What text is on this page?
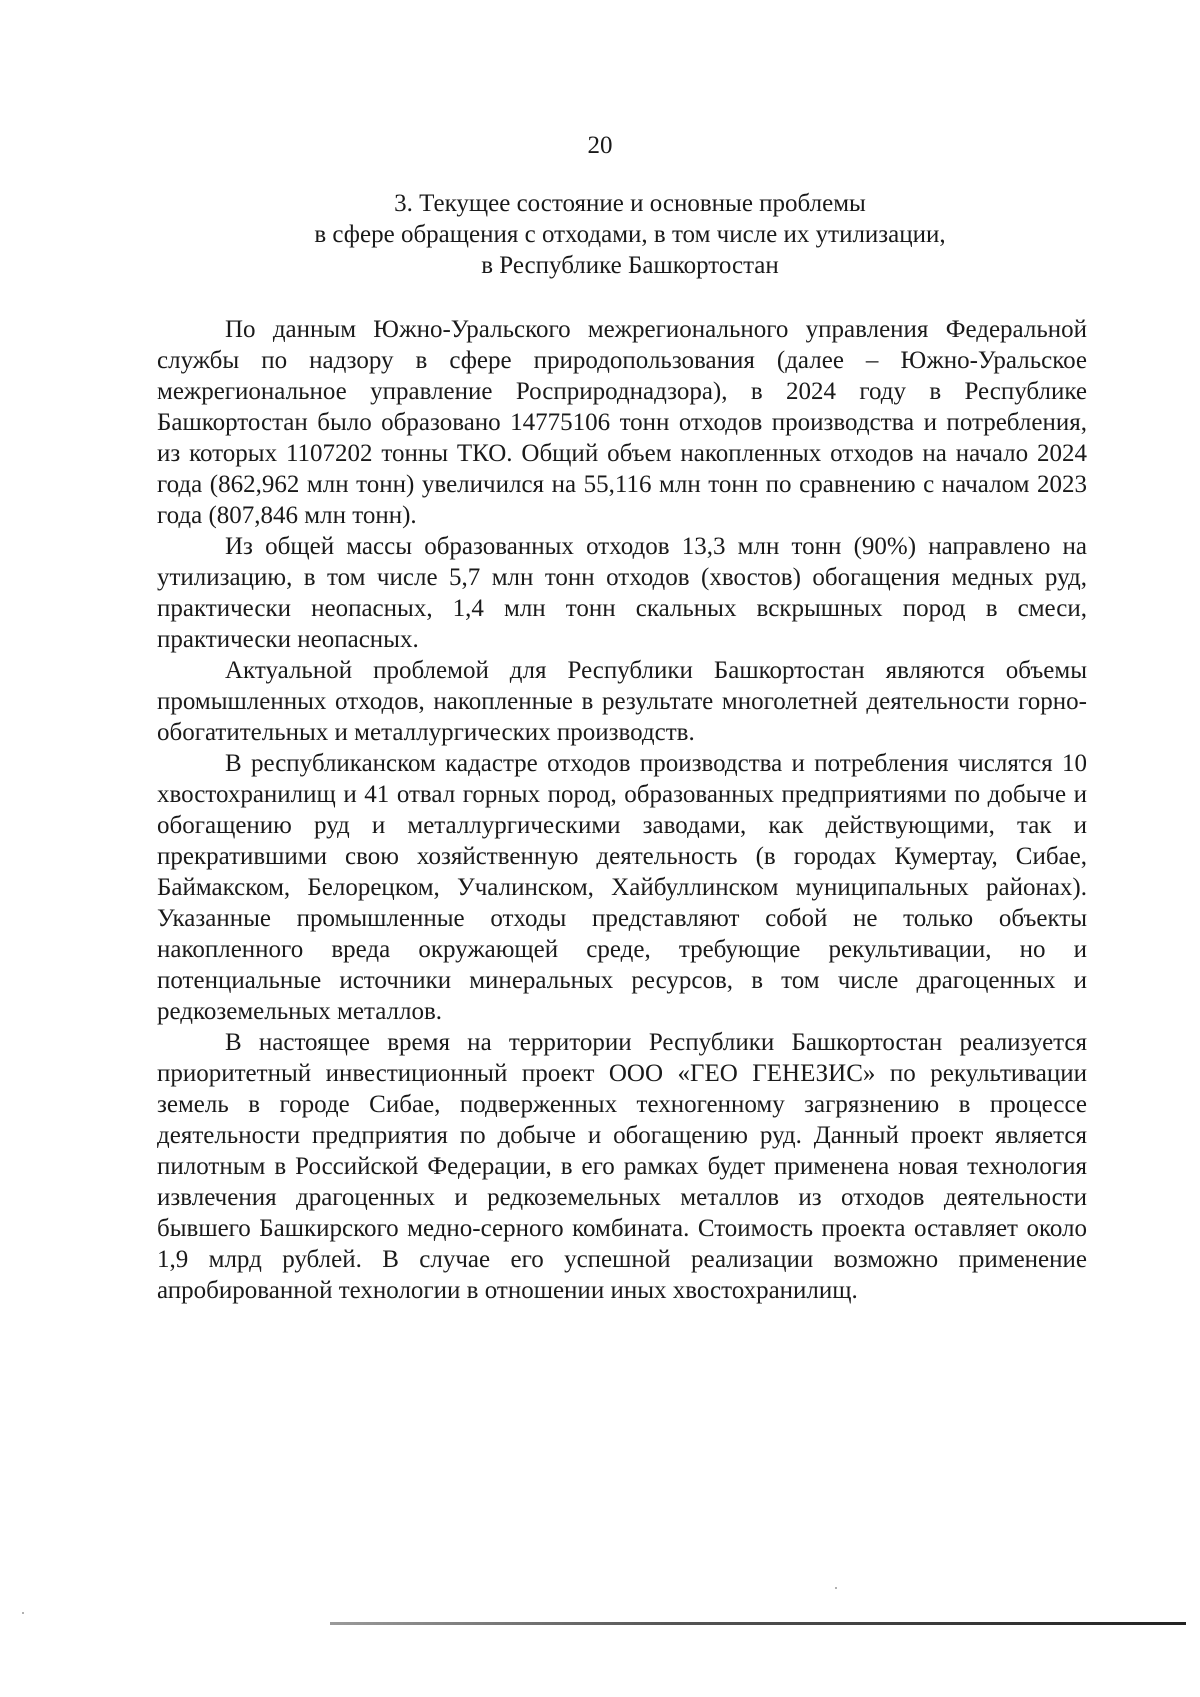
20
3. Текущее состояние и основные проблемы
в сфере обращения с отходами, в том числе их утилизации,
в Республике Башкортостан

По данным Южно-Уральского межрегионального управления Федеральной службы по надзору в сфере природопользования (далее – Южно-Уральское межрегиональное управление Росприроднадзора), в 2024 году в Республике Башкортостан было образовано 14775106 тонн отходов производства и потребления, из которых 1107202 тонны ТКО. Общий объем накопленных отходов на начало 2024 года (862,962 млн тонн) увеличился на 55,116 млн тонн по сравнению с началом 2023 года (807,846 млн тонн).

Из общей массы образованных отходов 13,3 млн тонн (90%) направлено на утилизацию, в том числе 5,7 млн тонн отходов (хвостов) обогащения медных руд, практически неопасных, 1,4 млн тонн скальных вскрышных пород в смеси, практически неопасных.

Актуальной проблемой для Республики Башкортостан являются объемы промышленных отходов, накопленные в результате многолетней деятельности горно-обогатительных и металлургических производств.

В республиканском кадастре отходов производства и потребления числятся 10 хвостохранилищ и 41 отвал горных пород, образованных предприятиями по добыче и обогащению руд и металлургическими заводами, как действующими, так и прекратившими свою хозяйственную деятельность (в городах Кумертау, Сибае, Баймакском, Белорецком, Учалинском, Хайбуллинском муниципальных районах). Указанные промышленные отходы представляют собой не только объекты накопленного вреда окружающей среде, требующие рекультивации, но и потенциальные источники минеральных ресурсов, в том числе драгоценных и редкоземельных металлов.

В настоящее время на территории Республики Башкортостан реализуется приоритетный инвестиционный проект ООО «ГЕО ГЕНЕЗИС» по рекультивации земель в городе Сибае, подверженных техногенному загрязнению в процессе деятельности предприятия по добыче и обогащению руд. Данный проект является пилотным в Российской Федерации, в его рамках будет применена новая технология извлечения драгоценных и редкоземельных металлов из отходов деятельности бывшего Башкирского медно-серного комбината. Стоимость проекта оставляет около 1,9 млрд рублей. В случае его успешной реализации возможно применение апробированной технологии в отношении иных хвостохранилищ.
